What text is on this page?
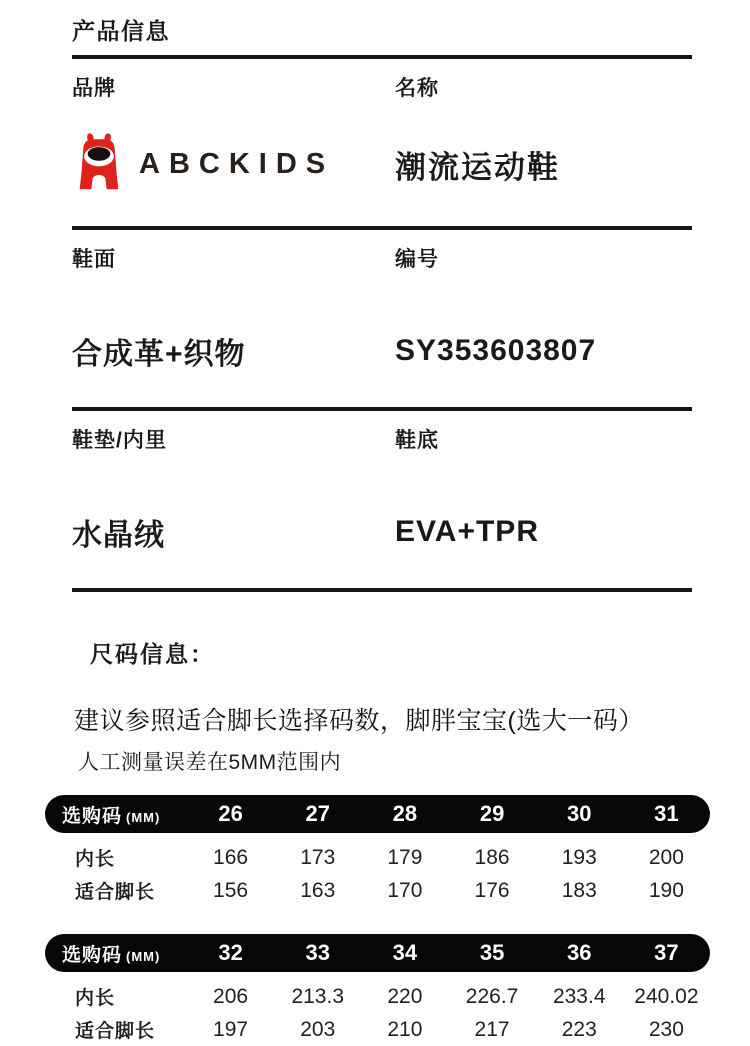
产品信息
品牌	名称
ABCKIDS 潮流运动鞋
鞋面	编号
合成革+织物	SY353603807
鞋垫/内里	鞋底
水晶绒	EVA+TPR
尺码信息：
建议参照适合脚长选择码数，脚胖宝宝(选大一码）
人工测量误差在5MM范围内
选购码 (MM)	26	27	28	29	30	31
内长	166	173	179	186	193	200
适合脚长	156	163	170	176	183	190
选购码 (MM)	32	33	34	35	36	37
内长	206	213.3	220	226.7	233.4	240.02
适合脚长	197	203	210	217	223	230
